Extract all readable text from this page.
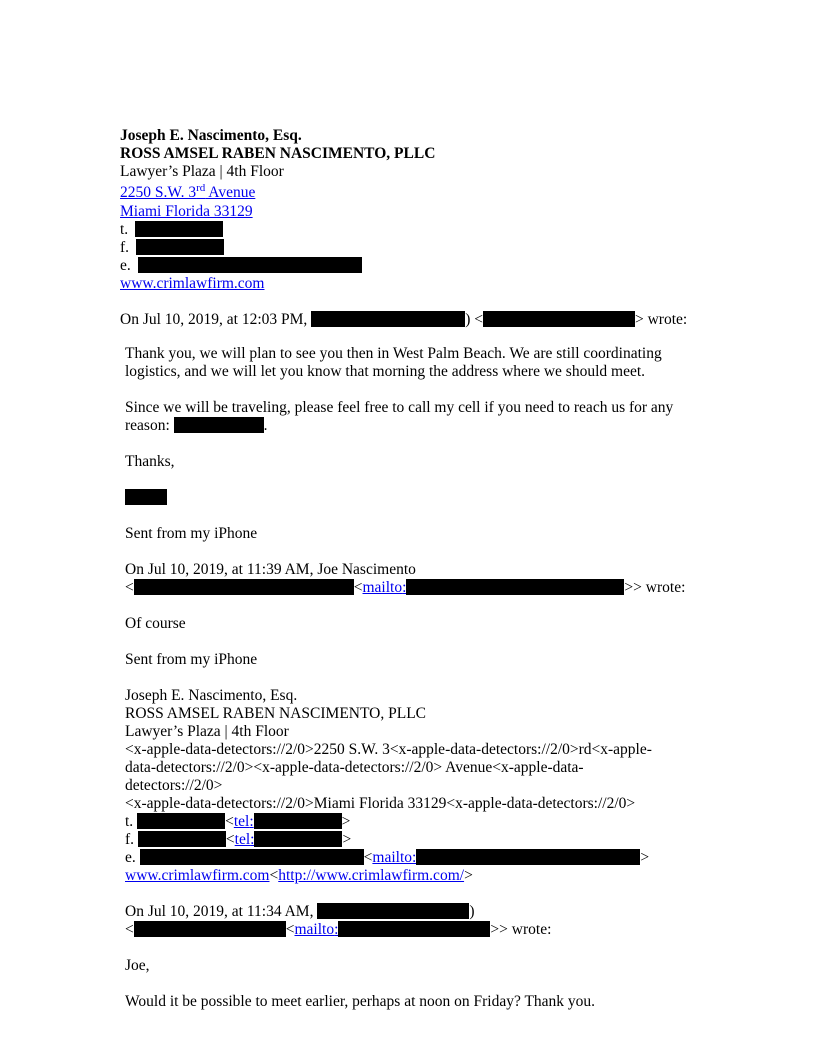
Joseph E. Nascimento, Esq.
ROSS AMSEL RABEN NASCIMENTO, PLLC
Lawyer’s Plaza | 4th Floor
2250 S.W. 3rd Avenue
Miami Florida 33129
t.
f.
e.
www.crimlawfirm.com
On Jul 10, 2019, at 12:03 PM,	) <	> wrote:
Thank you, we will plan to see you then in West Palm Beach. We are still coordinating
logistics, and we will let you know that morning the address where we should meet.
Since we will be traveling, please feel free to call my cell if you need to reach us for any
reason:	.
Thanks,
Sent from my iPhone
On Jul 10, 2019, at 11:39 AM, Joe Nascimento
<	<mailto:	>> wrote:
Of course
Sent from my iPhone
Joseph E. Nascimento, Esq.
ROSS AMSEL RABEN NASCIMENTO, PLLC
Lawyer’s Plaza | 4th Floor
<x-apple-data-detectors://2/0>2250 S.W. 3<x-apple-data-detectors://2/0>rd<x-apple-
data-detectors://2/0><x-apple-data-detectors://2/0> Avenue<x-apple-data-
detectors://2/0>
<x-apple-data-detectors://2/0>Miami Florida 33129<x-apple-data-detectors://2/0>
t.	<tel:	>
f.	<tel:	>
e.	<mailto:	>
www.crimlawfirm.com<http://www.crimlawfirm.com/>
On Jul 10, 2019, at 11:34 AM,	)
<	<mailto:	>> wrote:
Joe,
Would it be possible to meet earlier, perhaps at noon on Friday? Thank you.
